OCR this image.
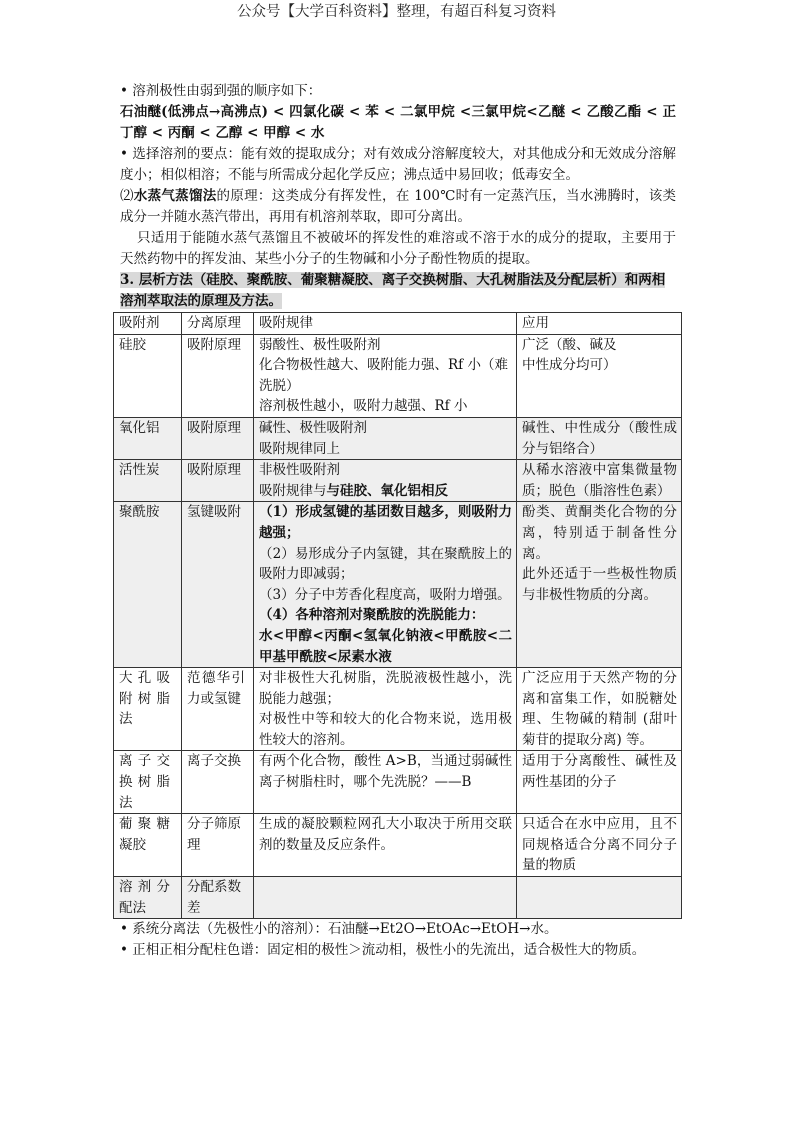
公众号【大学百科资料】整理，有超百科复习资料

• 溶剂极性由弱到强的顺序如下：

石油醚(低沸点→高沸点) < 四氯化碳 < 苯 < 二氯甲烷 <三氯甲烷<乙醚 < 乙酸乙酯 < 正丁醇 < 丙酮 < 乙醇 < 甲醇 < 水

• 选择溶剂的要点：能有效的提取成分；对有效成分溶解度较大，对其他成分和无效成分溶解度小；相似相溶；不能与所需成分起化学反应；沸点适中易回收；低毒安全。

⑵水蒸气蒸馏法的原理：这类成分有挥发性，在 100℃时有一定蒸汽压，当水沸腾时，该类成分一并随水蒸汽带出，再用有机溶剂萃取，即可分离出。

只适用于能随水蒸气蒸馏且不被破坏的挥发性的难溶或不溶于水的成分的提取，主要用于天然药物中的挥发油、某些小分子的生物碱和小分子酚性物质的提取。

3. 层析方法（硅胶、聚酰胺、葡聚糖凝胶、离子交换树脂、大孔树脂法及分配层析）和两相溶剂萃取法的原理及方法。

吸附剂	分离原理	吸附规律	应用
硅胶	吸附原理	弱酸性、极性吸附剂
化合物极性越大、吸附能力强、Rf 小（难洗脱）
溶剂极性越小，吸附力越强、Rf 小	广泛（酸、碱及
中性成分均可）

氧化铝	吸附原理	碱性、极性吸附剂
吸附规律同上	碱性、中性成分（酸性成分与铝络合）
活性炭	吸附原理	非极性吸附剂
吸附规律与与硅胶、氧化铝相反	从稀水溶液中富集微量物质；脱色（脂溶性色素）
聚酰胺	氢键吸附	（1）形成氢键的基团数目越多，则吸附力越强；
（2）易形成分子内氢键，其在聚酰胺上的吸附力即减弱；
（3）分子中芳香化程度高，吸附力增强。
（4）各种溶剂对聚酰胺的洗脱能力：
水<甲醇<丙酮<氢氧化钠液<甲酰胺<二甲基甲酰胺<尿素水液	酚类、黄酮类化合物的分离，特别适于制备性分离。
此外还适于一些极性物质与非极性物质的分离。

大孔吸附树脂法	范德华引力或氢键	对非极性大孔树脂，洗脱液极性越小，洗脱能力越强；
对极性中等和较大的化合物来说，选用极性较大的溶剂。	广泛应用于天然产物的分离和富集工作，如脱糖处理、生物碱的精制 (甜叶菊苷的提取分离) 等。
离子交换树脂法	离子交换	有两个化合物，酸性 A>B，当通过弱碱性离子树脂柱时，哪个先洗脱？——B	适用于分离酸性、碱性及两性基团的分子
葡聚糖凝胶	分子筛原理	生成的凝胶颗粒网孔大小取决于所用交联剂的数量及反应条件。	只适合在水中应用，且不同规格适合分离不同分子量的物质
溶剂分配法	分配系数差		

• 系统分离法（先极性小的溶剂）：石油醚→Et2O→EtOAc→EtOH→水。

• 正相正相分配柱色谱：固定相的极性＞流动相，极性小的先流出，适合极性大的物质。
